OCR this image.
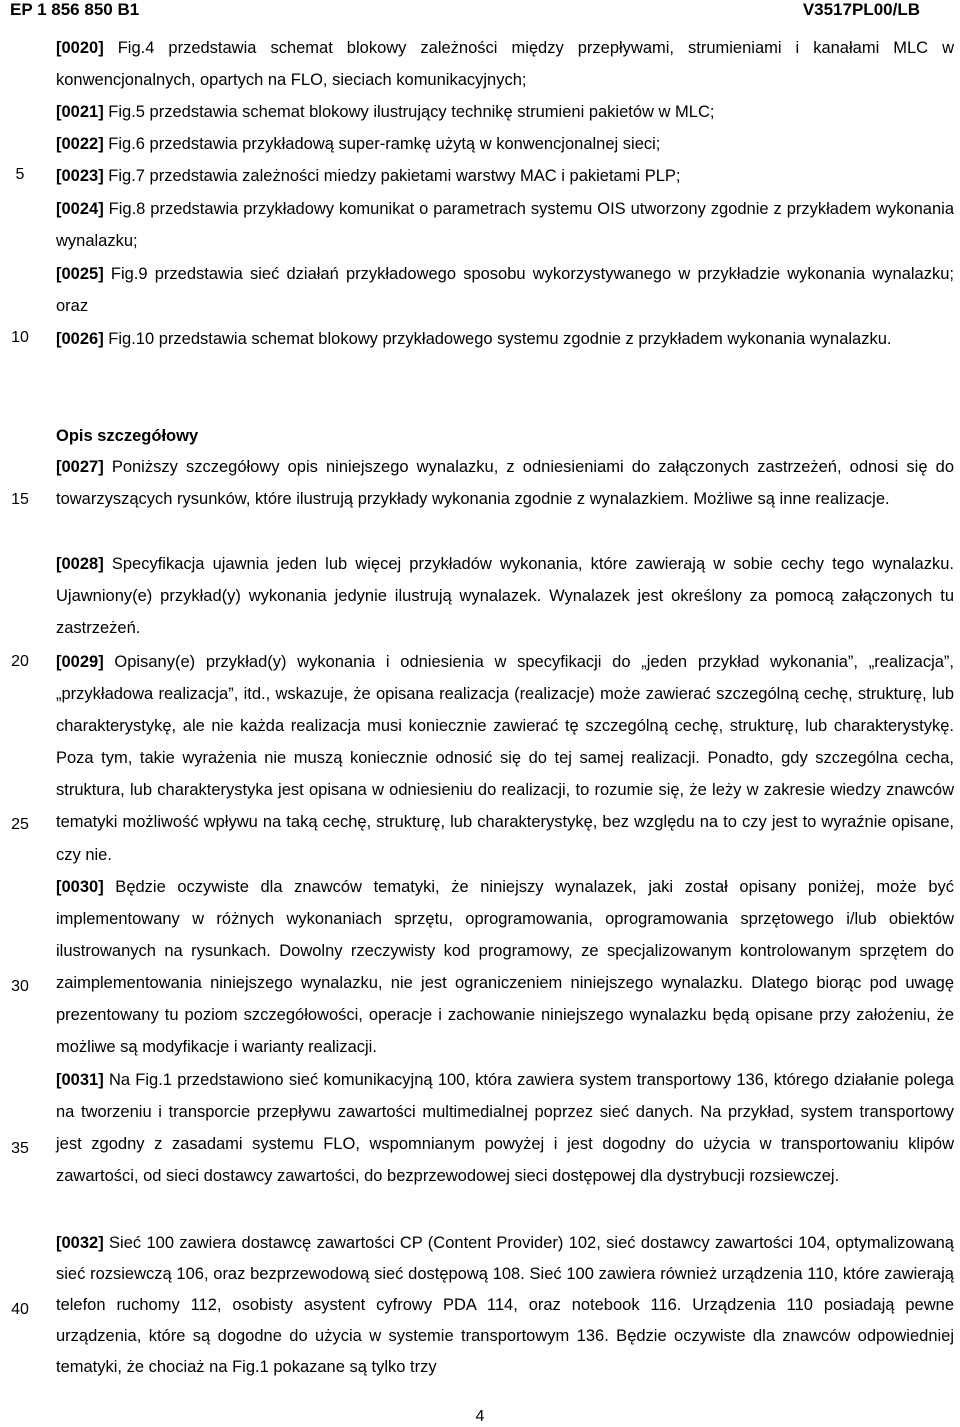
EP 1 856 850 B1	V3517PL00/LB
5
10
15
20
25
30
35
40

[0020] Fig.4 przedstawia schemat blokowy zależności między przepływami, strumieniami i kanałami MLC w konwencjonalnych, opartych na FLO, sieciach komunikacyjnych;

[0021] Fig.5 przedstawia schemat blokowy ilustrujący technikę strumieni pakietów w MLC;

[0022] Fig.6 przedstawia przykładową super-ramkę użytą w konwencjonalnej sieci;

[0023] Fig.7 przedstawia zależności miedzy pakietami warstwy MAC i pakietami PLP;

[0024] Fig.8 przedstawia przykładowy komunikat o parametrach systemu OIS utworzony zgodnie z przykładem wykonania wynalazku;

[0025] Fig.9 przedstawia sieć działań przykładowego sposobu wykorzystywanego w przykładzie wykonania wynalazku; oraz

[0026] Fig.10 przedstawia schemat blokowy przykładowego systemu zgodnie z przykładem wykonania wynalazku.

Opis szczegółowy

[0027] Poniższy szczegółowy opis niniejszego wynalazku, z odniesieniami do załączonych zastrzeżeń, odnosi się do towarzyszących rysunków, które ilustrują przykłady wykonania zgodnie z wynalazkiem. Możliwe są inne realizacje.

[0028] Specyfikacja ujawnia jeden lub więcej przykładów wykonania, które zawierają w sobie cechy tego wynalazku. Ujawniony(e) przykład(y) wykonania jedynie ilustrują wynalazek. Wynalazek jest określony za pomocą załączonych tu zastrzeżeń.

[0029] Opisany(e) przykład(y) wykonania i odniesienia w specyfikacji do „jeden przykład wykonania”, „realizacja”, „przykładowa realizacja”, itd., wskazuje, że opisana realizacja (realizacje) może zawierać szczególną cechę, strukturę, lub charakterystykę, ale nie każda realizacja musi koniecznie zawierać tę szczególną cechę, strukturę, lub charakterystykę. Poza tym, takie wyrażenia nie muszą koniecznie odnosić się do tej samej realizacji. Ponadto, gdy szczególna cecha, struktura, lub charakterystyka jest opisana w odniesieniu do realizacji, to rozumie się, że leży w zakresie wiedzy znawców tematyki możliwość wpływu na taką cechę, strukturę, lub charakterystykę, bez względu na to czy jest to wyraźnie opisane, czy nie.

[0030] Będzie oczywiste dla znawców tematyki, że niniejszy wynalazek, jaki został opisany poniżej, może być implementowany w różnych wykonaniach sprzętu, oprogramowania, oprogramowania sprzętowego i/lub obiektów ilustrowanych na rysunkach. Dowolny rzeczywisty kod programowy, ze specjalizowanym kontrolowanym sprzętem do zaimplementowania niniejszego wynalazku, nie jest ograniczeniem niniejszego wynalazku. Dlatego biorąc pod uwagę prezentowany tu poziom szczegółowości, operacje i zachowanie niniejszego wynalazku będą opisane przy założeniu, że możliwe są modyfikacje i warianty realizacji.

[0031] Na Fig.1 przedstawiono sieć komunikacyjną 100, która zawiera system transportowy 136, którego działanie polega na tworzeniu i transporcie przepływu zawartości multimedialnej poprzez sieć danych. Na przykład, system transportowy jest zgodny z zasadami systemu FLO, wspomnianym powyżej i jest dogodny do użycia w transportowaniu klipów zawartości, od sieci dostawcy zawartości, do bezprzewodowej sieci dostępowej dla dystrybucji rozsiewczej.

[0032] Sieć 100 zawiera dostawcę zawartości CP (Content Provider) 102, sieć dostawcy zawartości 104, optymalizowaną sieć rozsiewczą 106, oraz bezprzewodową sieć dostępową 108. Sieć 100 zawiera również urządzenia 110, które zawierają telefon ruchomy 112, osobisty asystent cyfrowy PDA 114, oraz notebook 116. Urządzenia 110 posiadają pewne urządzenia, które są dogodne do użycia w systemie transportowym 136. Będzie oczywiste dla znawców odpowiedniej tematyki, że chociaż na Fig.1 pokazane są tylko trzy

4
